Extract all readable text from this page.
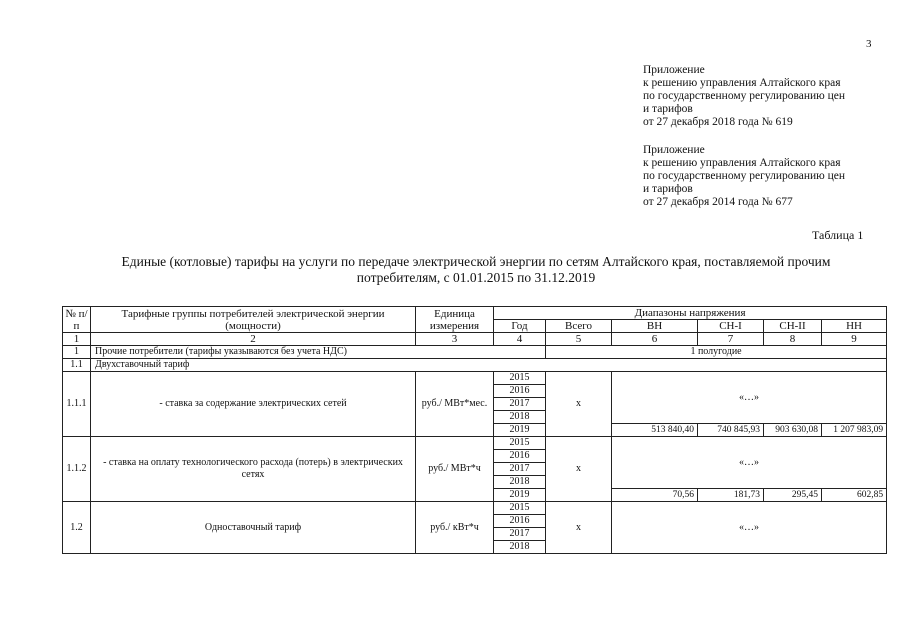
3
Приложение
к решению управления Алтайского края
по государственному регулированию цен
и тарифов
от 27 декабря 2018 года № 619
Приложение
к решению управления Алтайского края
по государственному регулированию цен
и тарифов
от 27 декабря 2014 года № 677
Таблица 1
Единые (котловые) тарифы на услуги по передаче электрической энергии по сетям Алтайского края, поставляемой прочим
потребителям, с 01.01.2015 по 31.12.2019
№ п/п	Тарифные группы потребителей электрической энергии (мощности)	Единица измерения	Диапазоны напряжения					
			Год	Всего	ВН	СН-I	СН-II	НН
1	2	3	4	5	6	7	8	9
1	Прочие потребители (тарифы указываются без учета НДС)			1 полугодие				
1.1	Двухставочный тариф							
1.1.1	- ставка за содержание электрических сетей	руб./ МВт*мес.	2015	х	«…»			
			2016					
			2017					
			2018					
			2019		513 840,40	740 845,93	903 630,08	1 207 983,09
1.1.2	- ставка на оплату технологического расхода (потерь) в электрических сетях	руб./ МВт*ч	2015	х	«…»			
			2016					
			2017					
			2018					
			2019		70,56	181,73	295,45	602,85
1.2	Одноставочный тариф	руб./ кВт*ч	2015	х	«…»			
			2016					
			2017					
			2018					
